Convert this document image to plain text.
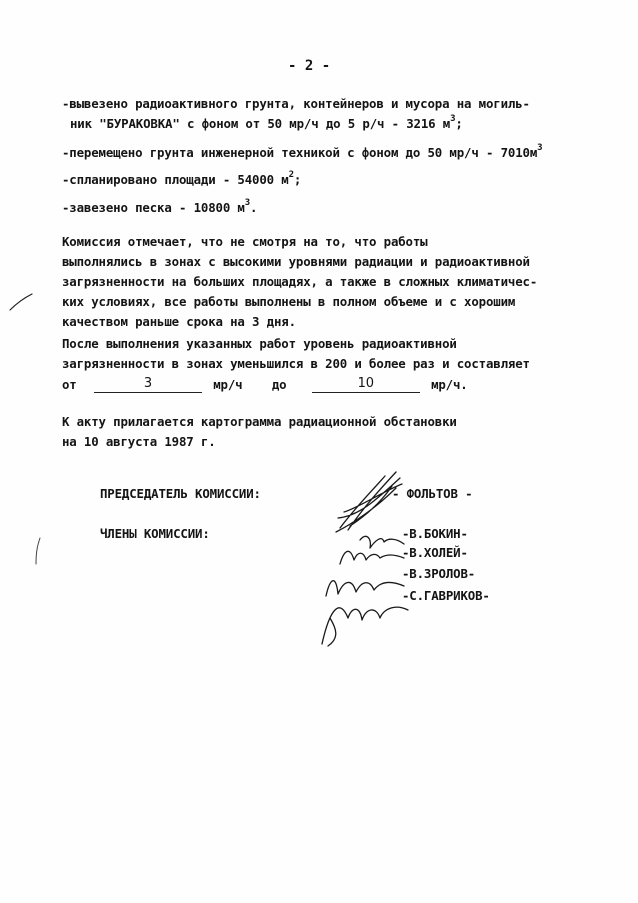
- 2 -
-вывезено радиоактивного грунта, контейнеров и мусора на могиль-
ник "БУРАКОВКА" с фоном от 50 мр/ч до 5 р/ч - 3216 $м^3$;
-перемещено грунта инженерной техникой с фоном до 50 $мр/ч - 7010м^3$
-спланировано площади - 54000 $м^2$;
-завезено песка - 10800 $м^3$.
Комиссия отмечает, что не смотря на то, что работы
выполнялись в зонах с высокими уровнями радиации и радиоактивной
загрязненности на больших площадях, а также в сложных климатичес-
ких условиях, все работы выполнены в полном объеме и с хорошим
качеством раньше срока на 3 дня.
После выполнения указанных работ уровень радиоактивной
загрязненности в зонах уменьшился в 200 и более раз и составляет
от	3	мр/ч до	10	мр/ч.
К акту прилагается картограмма радиационной обстановки
на 10 августа 1987 г.
ПРЕДСЕДАТЕЛЬ КОМИССИИ:	- ФОЛЬТОВ -
ЧЛЕНЫ КОМИССИИ:	-В.БОКИН-
-В.ХОЛЕЙ-
-В.ЗРОЛОВ-
-С.ГАВРИКОВ-
